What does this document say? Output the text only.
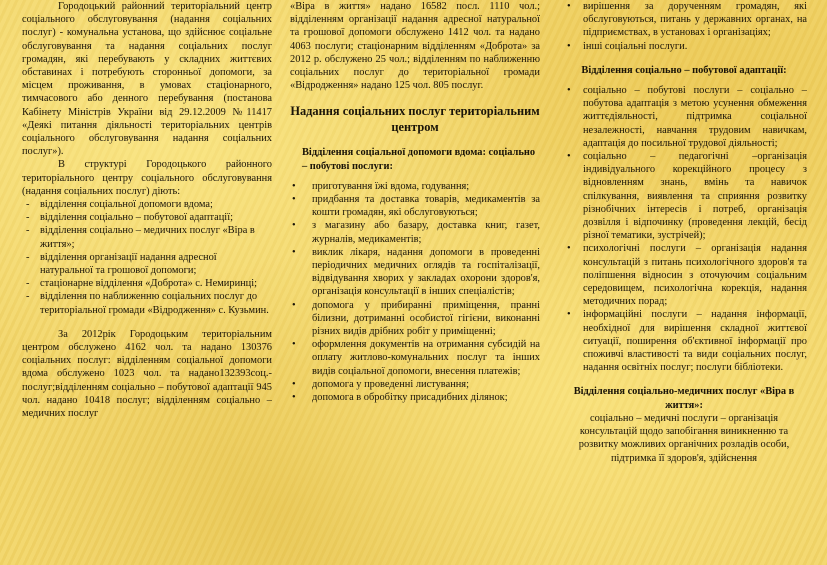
Городоцький районний територіальний центр соціального обслуговування (надання соціальних послуг) - комунальна установа, що здійснює соціальне обслуговування та надання соціальних послуг громадян, які перебувають у складних життєвих обставинах і потребують сторонньої допомоги, за місцем проживання, в умовах стаціонарного, тимчасового або денного перебування (постанова Кабінету Міністрів України від 29.12.2009 №11417 «Деякі питання діяльності територіальних центрів соціального обслуговування надання соціальних послуг»).

В структурі Городоцького районного територіального центру соціального обслуговування (надання соціальних послуг) діють:

- відділення соціальної допомоги вдома;
- відділення соціально – побутової адаптації;
- відділення соціально – медичних послуг «Віра в життя»;
- відділення організації надання адресної натуральної та грошової допомоги;
- стаціонарне відділення «Доброта» с. Немиринці;
- відділення по наближенню соціальних послуг до територіальної громади «Відродження» с. Кузьмин.

За 2012рік Городоцьким територіальним центром обслужено 4162 чол. та надано 130376 соціальних послуг: відділенням соціальної допомоги вдома обслужено 1023 чол. та надано132393соц.- послуг;відділенням соціально – побутової адаптації 945 чол. надано 10418 послуг; відділенням соціально – медичних послуг

«Віра в життя» надано 16582 посл. 1110 чол.; відділенням організації надання адресної натуральної та грошової допомоги обслужено 1412 чол. та надано 4063 послуги; стаціонарним відділенням «Доброта» за 2012 р. обслужено 25 чол.; відділенням по наближенню соціальних послуг до територіальної громади «Відродження» надано 125 чол. 805 послуг.

Надання соціальних послуг територіальним центром
Відділення соціальної допомоги вдома: соціально – побутові послуги:
• приготування їжі вдома, годування;
• придбання та доставка товарів, медикаментів за кошти громадян, які обслуговуються;
• з магазину або базару, доставка книг, газет, журналів, медикаментів;
• виклик лікаря, надання допомоги в проведенні періодичних медичних оглядів та госпіталізації, відвідування хворих у закладах охорони здоров'я, організація консультації в інших спеціалістів;
• допомога у прибиранні приміщення, пранні білизни, дотриманні особистої гігієни, виконанні різних видів дрібних робіт у приміщенні;
• оформлення документів на отримання субсидій на оплату житлово-комунальних послуг та інших видів соціальної допомоги, внесення платежів;
• допомога у проведенні листування;
• допомога в обробітку присадибних ділянок;
• вирішення за дорученням громадян, які обслуговуються, питань у державних органах, на підприємствах, в установах і організаціях;
• інші соціальні послуги.
Відділення соціально – побутової адаптації:
• соціально – побутові послуги – соціально – побутова адаптація з метою усунення обмеження життєдіяльності, підтримка соціальної незалежності, навчання трудовим навичкам, адаптація до посильної трудової діяльності;
• соціально – педагогічні –організація індивідуального корекційного процесу з відновленням знань, вмінь та навичок спілкування, виявлення та сприяння розвитку різнобічних інтересів і потреб, організація дозвілля і відпочинку (проведення лекцій, бесід різної тематики, зустрічей);
• психологічні послуги – організація надання консультацій з питань психологічного здоров'я та поліпшення відносин з оточуючим соціальним середовищем, психологічна корекція, надання методичних порад;
• інформаційні послуги – надання інформації, необхідної для вирішення складної життєвої ситуації, поширення об'єктивної інформації про споживчі властивості та види соціальних послуг, надання освітніх послуг; послуги бібліотеки.
Відділення соціально-медичних послуг «Віра в життя»:

соціально – медичні послуги – організація консультацій щодо запобігання виникненню та розвитку можливих органічних розладів особи, підтримка її здоров'я, здійснення
